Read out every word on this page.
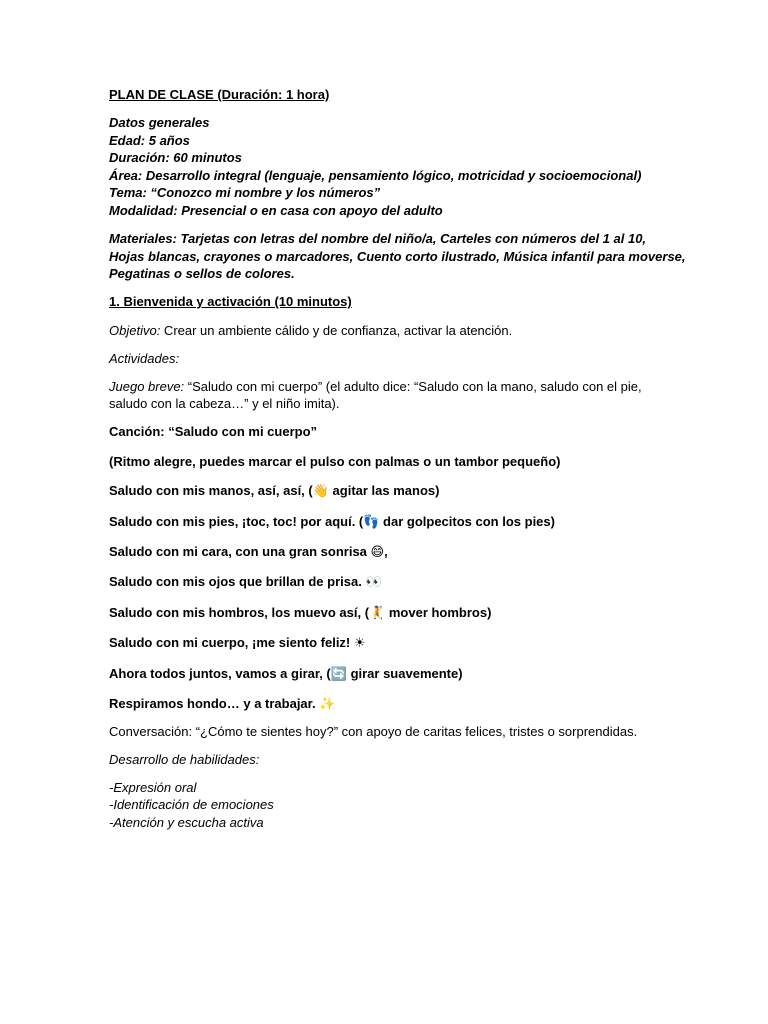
PLAN DE CLASE (Duración: 1 hora)

Datos generales

Edad: 5 años

Duración: 60 minutos

Área: Desarrollo integral (lenguaje, pensamiento lógico, motricidad y socioemocional)

Tema: “Conozco mi nombre y los números”

Modalidad: Presencial o en casa con apoyo del adulto

Materiales: Tarjetas con letras del nombre del niño/a, Carteles con números del 1 al 10,

Hojas blancas, crayones o marcadores, Cuento corto ilustrado, Música infantil para moverse,

Pegatinas o sellos de colores.

1. Bienvenida y activación (10 minutos)

Objetivo: Crear un ambiente cálido y de confianza, activar la atención.

Actividades:

Juego breve: “Saludo con mi cuerpo” (el adulto dice: “Saludo con la mano, saludo con el pie,

saludo con la cabeza…” y el niño imita).

Canción: “Saludo con mi cuerpo”

(Ritmo alegre, puedes marcar el pulso con palmas o un tambor pequeño)

Saludo con mis manos, así, así, (👋 agitar las manos)

Saludo con mis pies, ¡toc, toc! por aquí. (👣 dar golpecitos con los pies)

Saludo con mi cara, con una gran sonrisa 😄,

Saludo con mis ojos que brillan de prisa. 👀

Saludo con mis hombros, los muevo así, (🤾 mover hombros)

Saludo con mi cuerpo, ¡me siento feliz! ☀

Ahora todos juntos, vamos a girar, (🔄 girar suavemente)

Respiramos hondo… y a trabajar. ✨

Conversación: “¿Cómo te sientes hoy?” con apoyo de caritas felices, tristes o sorprendidas.

Desarrollo de habilidades:

-Expresión oral

-Identificación de emociones

-Atención y escucha activa
